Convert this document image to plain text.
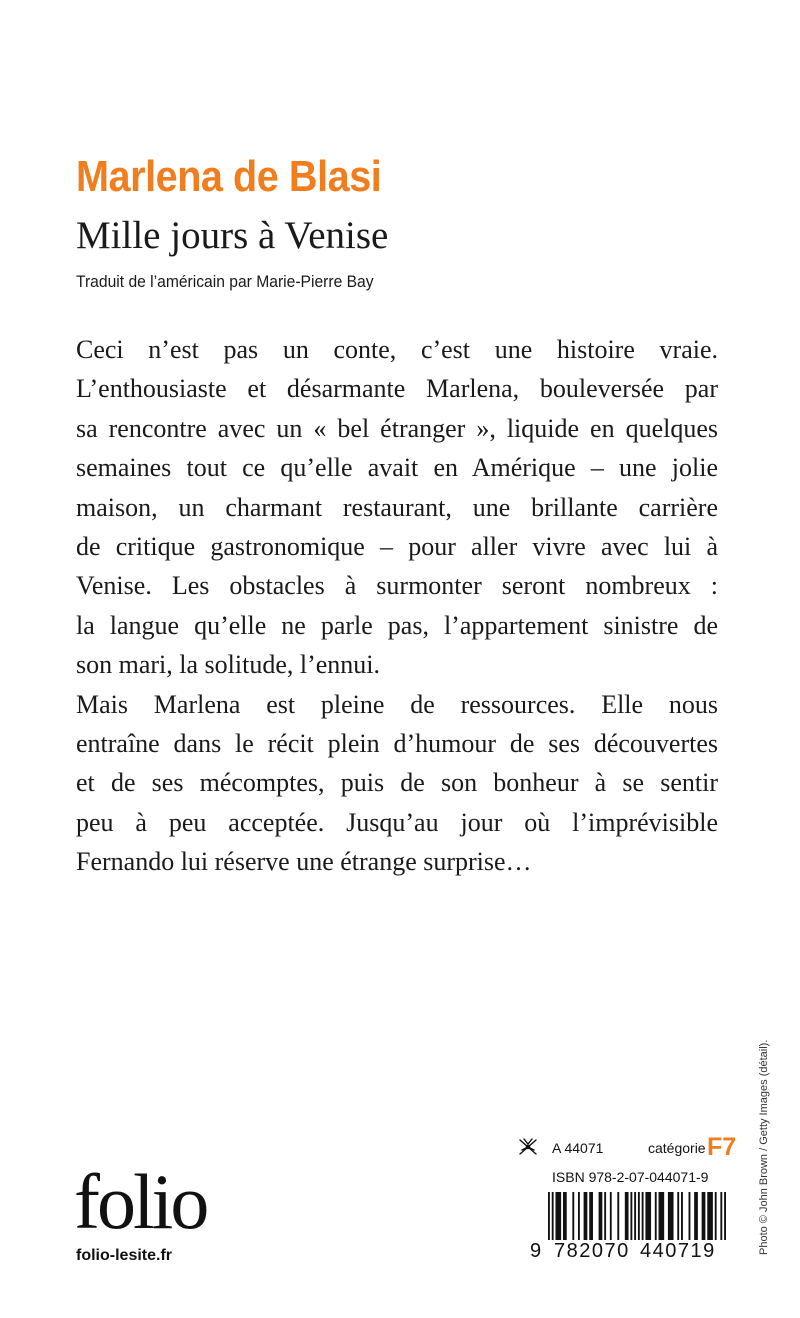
Marlena de Blasi
Mille jours à Venise
Traduit de l’américain par Marie-Pierre Bay
Ceci n’est pas un conte, c’est une histoire vraie.
L’enthousiaste et désarmante Marlena, bouleversée par
sa rencontre avec un « bel étranger », liquide en quelques
semaines tout ce qu’elle avait en Amérique – une jolie
maison, un charmant restaurant, une brillante carrière
de critique gastronomique – pour aller vivre avec lui à
Venise. Les obstacles à surmonter seront nombreux :
la langue qu’elle ne parle pas, l’appartement sinistre de
son mari, la solitude, l’ennui.
Mais Marlena est pleine de ressources. Elle nous
entraîne dans le récit plein d’humour de ses découvertes
et de ses mécomptes, puis de son bonheur à se sentir
peu à peu acceptée. Jusqu’au jour où l’imprévisible
Fernando lui réserve une étrange surprise…
Photo © John Brown / Getty Images (détail).
A 44071	catégorie F7
ISBN 978-2-07-044071-9
9 782070 440719
folio
folio-lesite.fr
